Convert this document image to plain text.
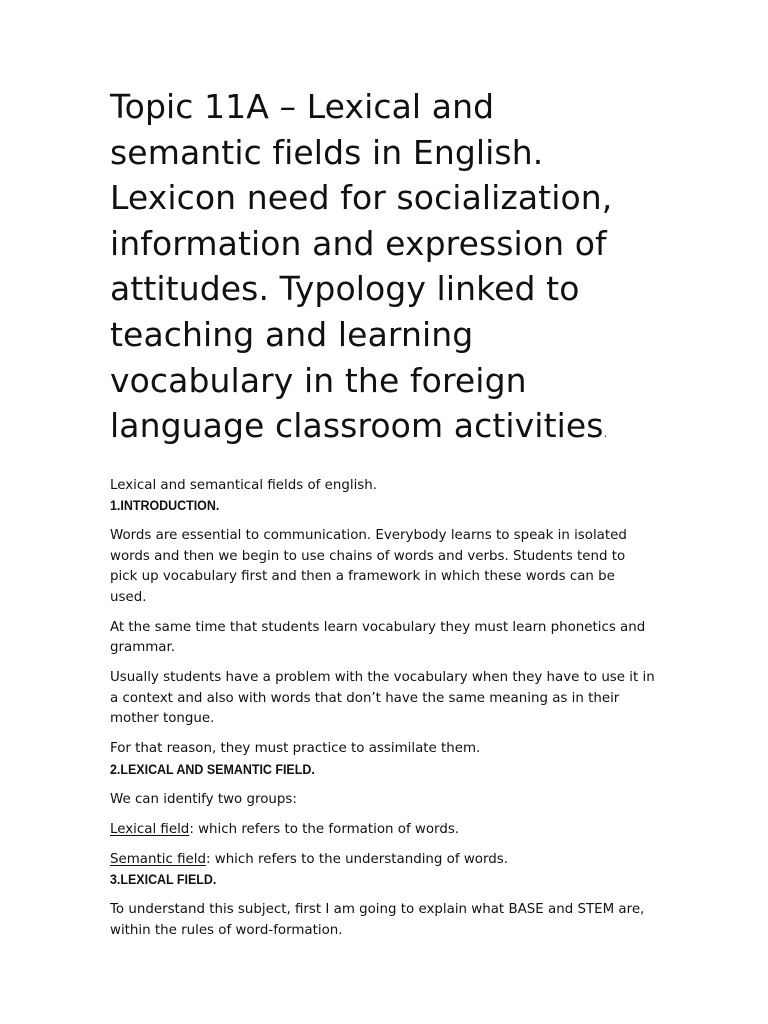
Topic 11A – Lexical and semantic fields in English. Lexicon need for socialization, information and expression of attitudes. Typology linked to teaching and learning vocabulary in the foreign language classroom activities.

Lexical and semantical fields of english.

1.INTRODUCTION.

Words are essential to communication. Everybody learns to speak in isolated words and then we begin to use chains of words and verbs. Students tend to pick up vocabulary first and then a framework in which these words can be used.

At the same time that students learn vocabulary they must learn phonetics and grammar.

Usually students have a problem with the vocabulary when they have to use it in a context and also with words that don’t have the same meaning as in their mother tongue.

For that reason, they must practice to assimilate them.

2.LEXICAL AND SEMANTIC FIELD.

We can identify two groups:

Lexical field: which refers to the formation of words.

Semantic field: which refers to the understanding of words.

3.LEXICAL FIELD.

To understand this subject, first I am going to explain what BASE and STEM are, within the rules of word-formation.
